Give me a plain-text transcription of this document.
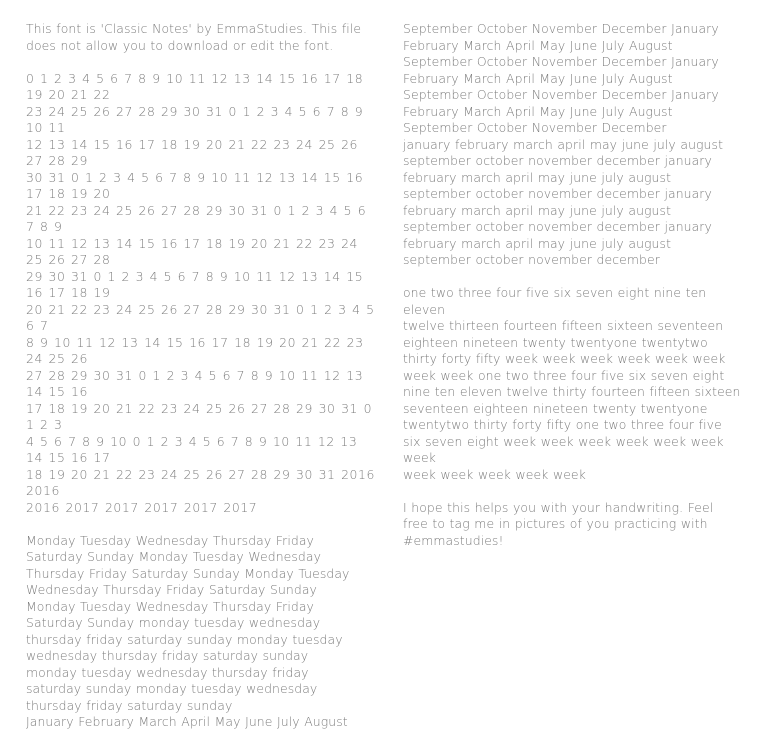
This font is 'Classic Notes' by EmmaStudies. This file
does not allow you to download or edit the font.
0 1 2 3 4 5 6 7 8 9 10 11 12 13 14 15 16 17 18 19 20 21 22
23 24 25 26 27 28 29 30 31 0 1 2 3 4 5 6 7 8 9 10 11
12 13 14 15 16 17 18 19 20 21 22 23 24 25 26 27 28 29
30 31 0 1 2 3 4 5 6 7 8 9 10 11 12 13 14 15 16 17 18 19 20
21 22 23 24 25 26 27 28 29 30 31 0 1 2 3 4 5 6 7 8 9
10 11 12 13 14 15 16 17 18 19 20 21 22 23 24 25 26 27 28
29 30 31 0 1 2 3 4 5 6 7 8 9 10 11 12 13 14 15 16 17 18 19
20 21 22 23 24 25 26 27 28 29 30 31 0 1 2 3 4 5 6 7
8 9 10 11 12 13 14 15 16 17 18 19 20 21 22 23 24 25 26
27 28 29 30 31 0 1 2 3 4 5 6 7 8 9 10 11 12 13 14 15 16
17 18 19 20 21 22 23 24 25 26 27 28 29 30 31 0 1 2 3
4 5 6 7 8 9 10 0 1 2 3 4 5 6 7 8 9 10 11 12 13 14 15 16 17
18 19 20 21 22 23 24 25 26 27 28 29 30 31 2016 2016
2016 2017 2017 2017 2017 2017
Monday Tuesday Wednesday Thursday Friday
Saturday Sunday Monday Tuesday Wednesday
Thursday Friday Saturday Sunday Monday Tuesday
Wednesday Thursday Friday Saturday Sunday
Monday Tuesday Wednesday Thursday Friday
Saturday Sunday monday tuesday wednesday
thursday friday saturday sunday monday tuesday
wednesday thursday friday saturday sunday
monday tuesday wednesday thursday friday
saturday sunday monday tuesday wednesday
thursday friday saturday sunday
January February March April May June July August
September October November December January
February March April May June July August
September October November December January
February March April May June July August
September October November December January
February March April May June July August
September October November December
january february march april may june july august
september october november december january
february march april may june july august
september october november december january
february march april may june july august
september october november december january
february march april may june july august
september october november december
one two three four five six seven eight nine ten eleven
twelve thirteen fourteen fifteen sixteen seventeen
eighteen nineteen twenty twentyone twentytwo
thirty forty fifty week week week week week week
week week one two three four five six seven eight
nine ten eleven twelve thirty fourteen fifteen sixteen
seventeen eighteen nineteen twenty twentyone
twentytwo thirty forty fifty one two three four five
six seven eight week week week week week week week
week week week week week
I hope this helps you with your handwriting. Feel
free to tag me in pictures of you practicing with
#emmastudies!
